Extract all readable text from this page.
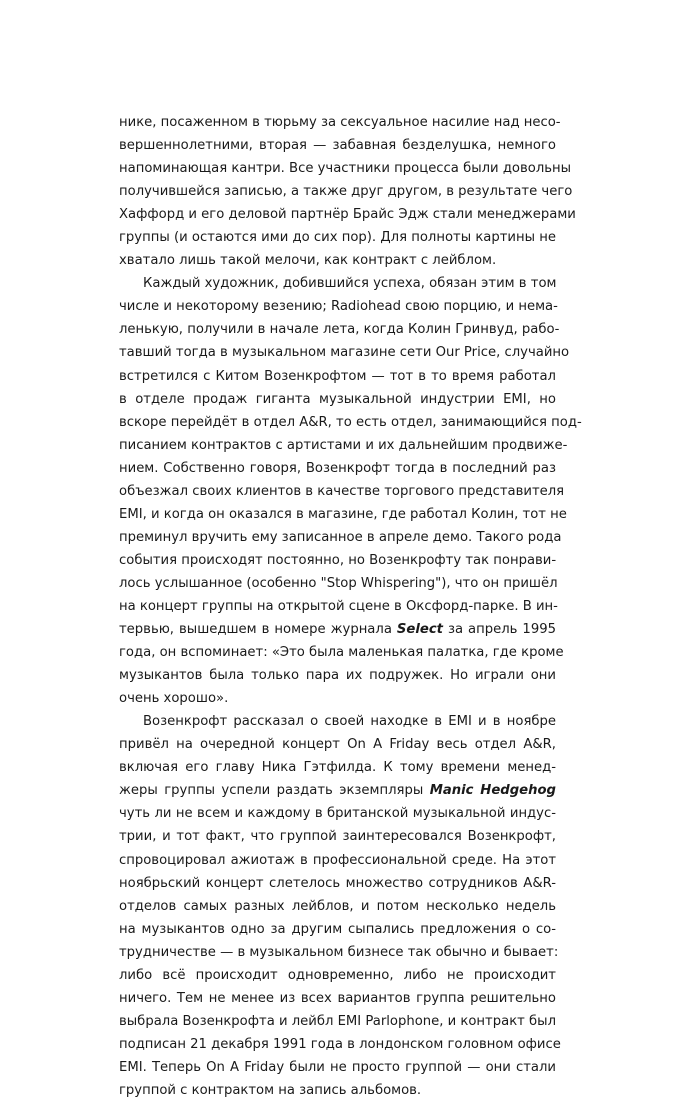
нике, посаженном в тюрьму за сексуальное насилие над несо-
вершеннолетними, вторая — забавная безделушка, немного
напоминающая кантри. Все участники процесса были довольны
получившейся записью, а также друг другом, в результате чего
Хаффорд и его деловой партнёр Брайс Эдж стали менеджерами
группы (и остаются ими до сих пор). Для полноты картины не
хватало лишь такой мелочи, как контракт с лейблом.
Каждый художник, добившийся успеха, обязан этим в том
числе и некоторому везению; Radiohead свою порцию, и нема-
ленькую, получили в начале лета, когда Колин Гринвуд, рабо-
тавший тогда в музыкальном магазине сети Our Price, случайно
встретился с Китом Возенкрофтом — тот в то время работал
в отделе продаж гиганта музыкальной индустрии EMI, но
вскоре перейдёт в отдел A&R, то есть отдел, занимающийся под-
писанием контрактов с артистами и их дальнейшим продвиже-
нием. Собственно говоря, Возенкрофт тогда в последний раз
объезжал своих клиентов в качестве торгового представителя
EMI, и когда он оказался в магазине, где работал Колин, тот не
преминул вручить ему записанное в апреле демо. Такого рода
события происходят постоянно, но Возенкрофту так понрави-
лось услышанное (особенно "Stop Whispering"), что он пришёл
на концерт группы на открытой сцене в Оксфорд-парке. В ин-
тервью, вышедшем в номере журнала Select за апрель 1995
года, он вспоминает: «Это была маленькая палатка, где кроме
музыкантов была только пара их подружек. Но играли они
очень хорошо».
Возенкрофт рассказал о своей находке в EMI и в ноябре
привёл на очередной концерт On A Friday весь отдел A&R,
включая его главу Ника Гэтфилда. К тому времени менед-
жеры группы успели раздать экземпляры Manic Hedgehog
чуть ли не всем и каждому в британской музыкальной индус-
трии, и тот факт, что группой заинтересовался Возенкрофт,
спровоцировал ажиотаж в профессиональной среде. На этот
ноябрьский концерт слетелось множество сотрудников A&R-
отделов самых разных лейблов, и потом несколько недель
на музыкантов одно за другим сыпались предложения о со-
трудничестве — в музыкальном бизнесе так обычно и бывает:
либо всё происходит одновременно, либо не происходит
ничего. Тем не менее из всех вариантов группа решительно
выбрала Возенкрофта и лейбл EMI Parlophone, и контракт был
подписан 21 декабря 1991 года в лондонском головном офисе
EMI. Теперь On A Friday были не просто группой — они стали
группой с контрактом на запись альбомов.
